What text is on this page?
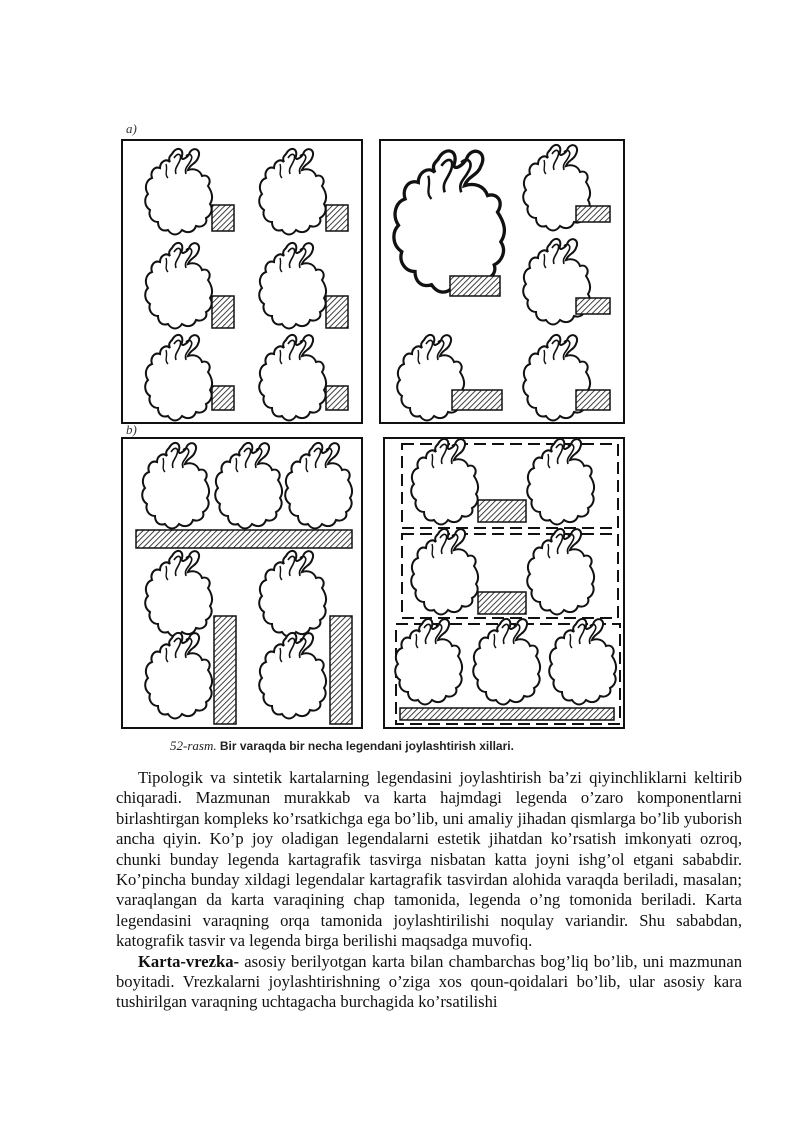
a)
b)
52-rasm. Bir varaqda bir necha legendani joylashtirish xillari.

Tipologik va sintetik kartalarning legendasini joylashtirish ba’zi qiyinchliklarni keltirib chiqaradi. Mazmunan murakkab va karta hajmdagi legenda o’zaro komponentlarni birlashtirgan kompleks ko’rsatkichga ega bo’lib, uni amaliy jihadan qismlarga bo’lib yuborish ancha qiyin. Ko’p joy oladigan legendalarni estetik jihatdan ko’rsatish imkonyati ozroq, chunki bunday legenda kartagrafik tasvirga nisbatan katta joyni ishg’ol etgani sababdir. Ko’pincha bunday xildagi legendalar kartagrafik tasvirdan alohida varaqda beriladi, masalan; varaqlangan da karta varaqining chap tamonida, legenda o’ng tomonida beriladi. Karta legendasini varaqning orqa tamonida joylashtirilishi noqulay variandir. Shu sababdan, katografik tasvir va legenda birga berilishi maqsadga muvofiq.

Karta-vrezka- asosiy berilyotgan karta bilan chambarchas bog’liq bo’lib, uni mazmunan boyitadi. Vrezkalarni joylashtirishning o’ziga xos qoun-qoidalari bo’lib, ular asosiy kara tushirilgan varaqning uchtagacha burchagida ko’rsatilishi
